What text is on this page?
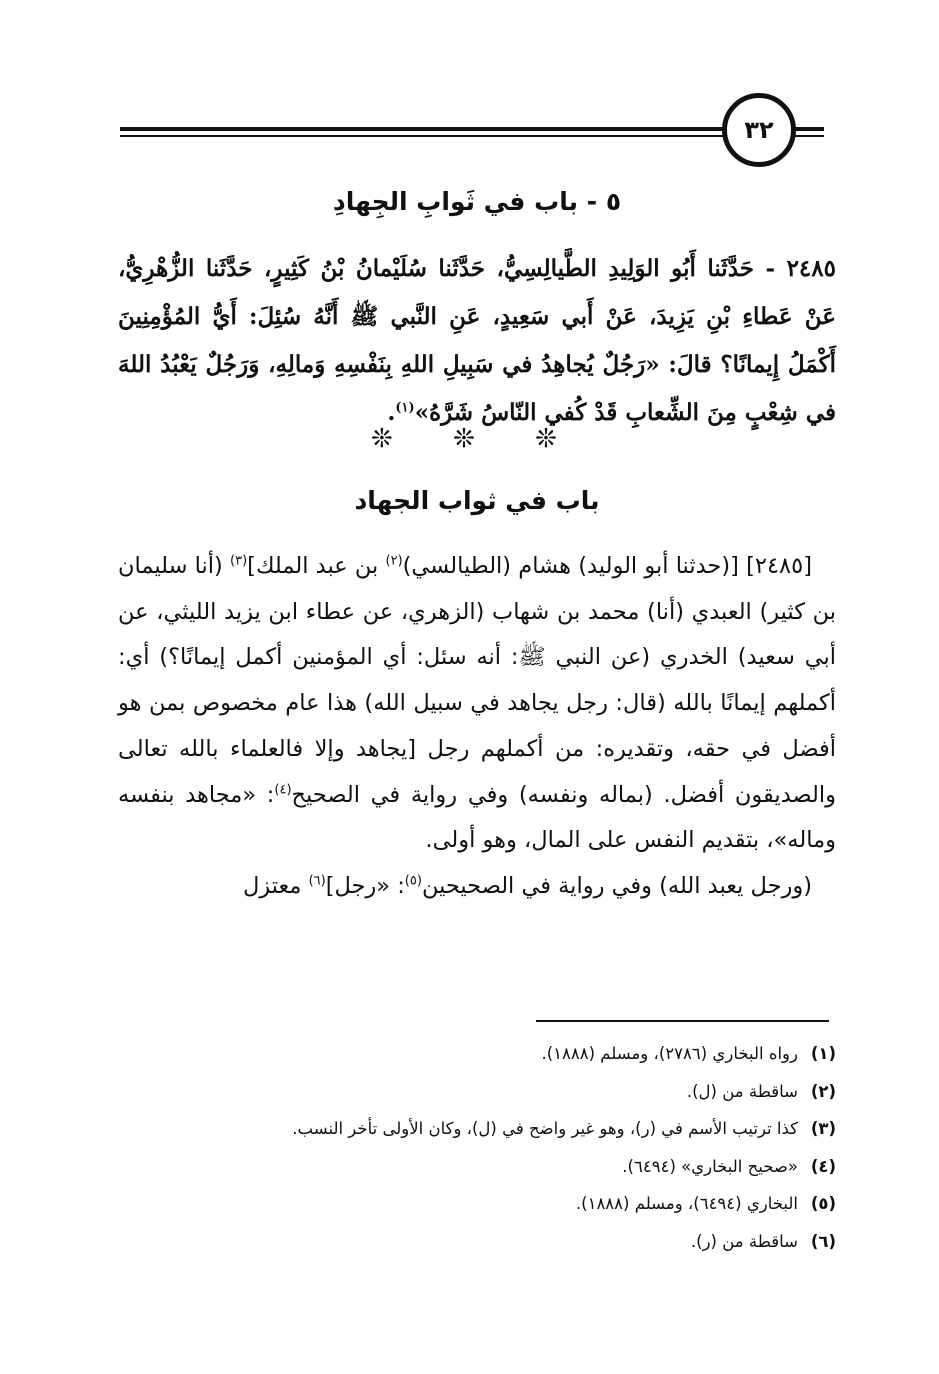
٣٢
٥ - باب في ثَوابِ الجِهادِ
٢٤٨٥ - حَدَّثَنا أَبُو الوَلِيدِ الطَّيالِسِيُّ، حَدَّثَنا سُلَيْمانُ بْنُ كَثِيرٍ، حَدَّثَنا الزُّهْرِيُّ، عَنْ عَطاءِ بْنِ يَزِيدَ، عَنْ أَبي سَعِيدٍ، عَنِ النَّبي ﷺ أَنَّهُ سُئِلَ: أَيُّ المُؤْمِنِينَ أَكْمَلُ إِيمانًا؟ قالَ: «رَجُلٌ يُجاهِدُ في سَبِيلِ اللهِ بِنَفْسِهِ وَمالِهِ، وَرَجُلٌ يَعْبُدُ اللهَ في شِعْبٍ مِنَ الشِّعابِ قَدْ كُفي النّاسُ شَرَّهُ»$^{(١)}$.
❊ ❊ ❊
باب في ثواب الجهاد

[٢٤٨٥] [(حدثنا أبو الوليد) هشام (الطيالسي)$^{(٢)}$ بن عبد الملك]$^{(٣)}$ (أنا سليمان بن كثير) العبدي (أنا) محمد بن شهاب (الزهري، عن عطاء ابن يزيد الليثي، عن أبي سعيد) الخدري (عن النبي ﷺ: أنه سئل: أي المؤمنين أكمل إيمانًا؟) أي: أكملهم إيمانًا بالله (قال: رجل يجاهد في سبيل الله) هذا عام مخصوص بمن هو أفضل في حقه، وتقديره: من أكملهم رجل [يجاهد وإلا فالعلماء بالله تعالى والصديقون أفضل. (بماله ونفسه) وفي رواية في الصحيح$^{(٤)}$: «مجاهد بنفسه وماله»، بتقديم النفس على المال، وهو أولى.

(ورجل يعبد الله) وفي رواية في الصحيحين$^{(٥)}$: «رجل]$^{(٦)}$ معتزل

(١)
رواه البخاري (٢٧٨٦)، ومسلم (١٨٨٨).
(٢)
ساقطة من (ل).
(٣)
كذا ترتيب الأسم في (ر)، وهو غير واضح في (ل)، وكان الأولى تأخر النسب.
(٤)
«صحيح البخاري» (٦٤٩٤).
(٥)
البخاري (٦٤٩٤)، ومسلم (١٨٨٨).
(٦)
ساقطة من (ر).
